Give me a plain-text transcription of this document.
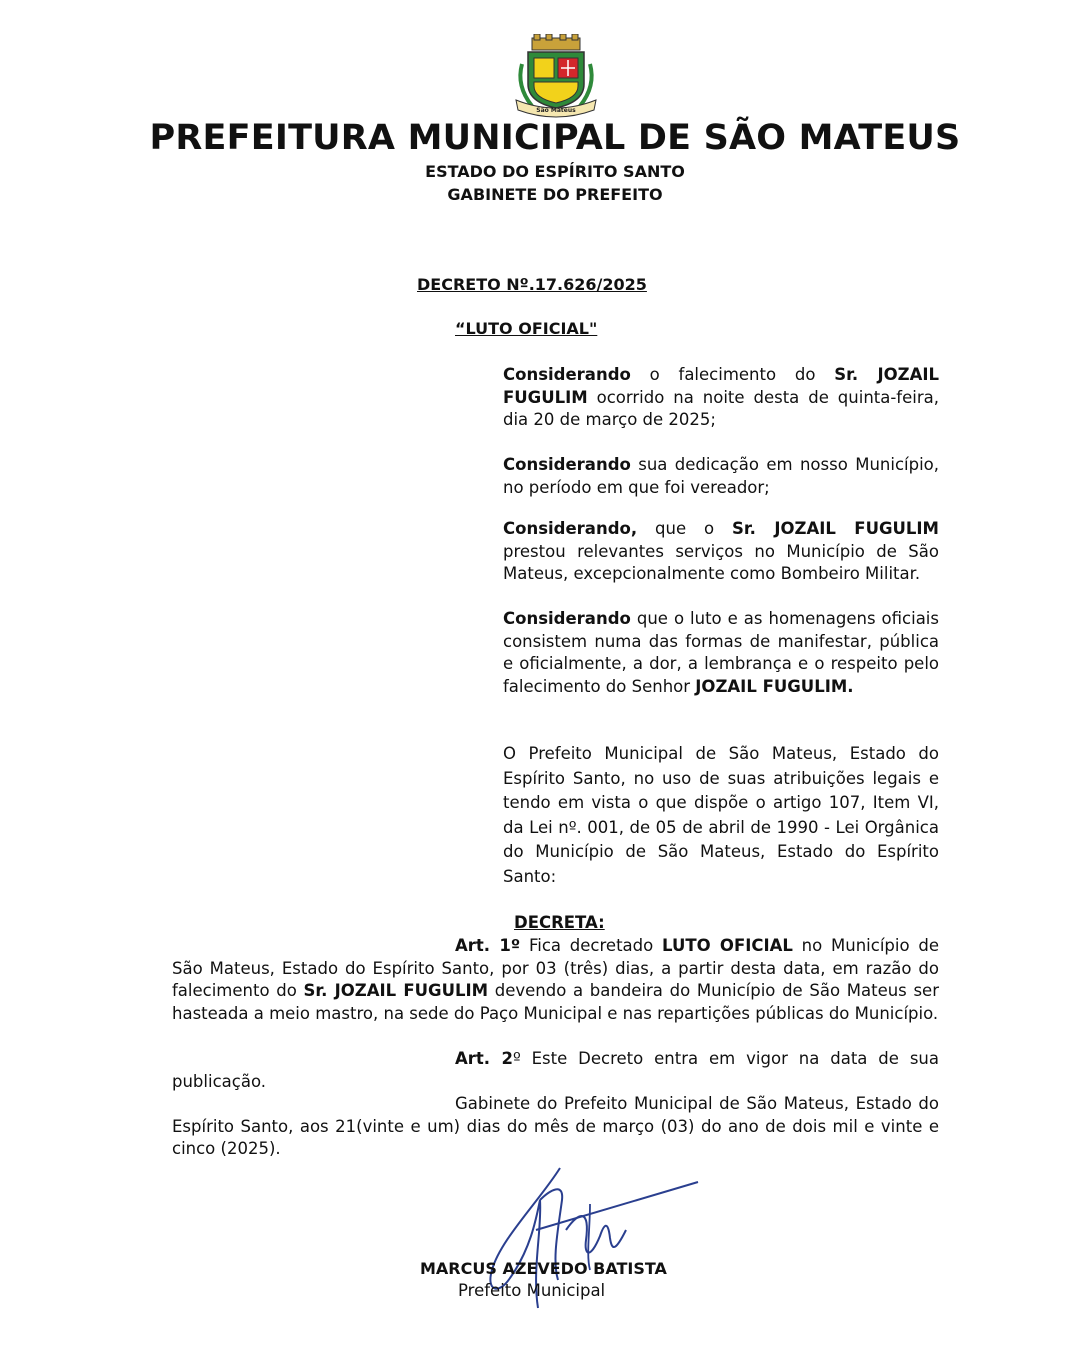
São Mateus
PREFEITURA MUNICIPAL DE SÃO MATEUS
ESTADO DO ESPÍRITO SANTO
GABINETE DO PREFEITO
DECRETO Nº.17.626/2025
“LUTO OFICIAL"
Considerando o falecimento do Sr. JOZAIL FUGULIM ocorrido na noite desta de quinta-feira, dia 20 de março de 2025;
Considerando sua dedicação em nosso Município, no período em que foi vereador;
Considerando, que o Sr. JOZAIL FUGULIM prestou relevantes serviços no Município de São Mateus, excepcionalmente como Bombeiro Militar.
Considerando que o luto e as homenagens oficiais consistem numa das formas de manifestar, pública e oficialmente, a dor, a lembrança e o respeito pelo falecimento do Senhor JOZAIL FUGULIM.
O Prefeito Municipal de São Mateus, Estado do Espírito Santo, no uso de suas atribuições legais e tendo em vista o que dispõe o artigo 107, Item VI, da Lei nº. 001, de 05 de abril de 1990 - Lei Orgânica do Município de São Mateus, Estado do Espírito Santo:
DECRETA:
Art. 1º Fica decretado LUTO OFICIAL no Município de São Mateus, Estado do Espírito Santo, por 03 (três) dias, a partir desta data, em razão do falecimento do Sr. JOZAIL FUGULIM devendo a bandeira do Município de São Mateus ser hasteada a meio mastro, na sede do Paço Municipal e nas repartições públicas do Município.
Art. 2º Este Decreto entra em vigor na data de sua publicação.
Gabinete do Prefeito Municipal de São Mateus, Estado do Espírito Santo, aos 21(vinte e um) dias do mês de março (03) do ano de dois mil e vinte e cinco (2025).
MARCUS AZEVEDO BATISTA
Prefeito Municipal
